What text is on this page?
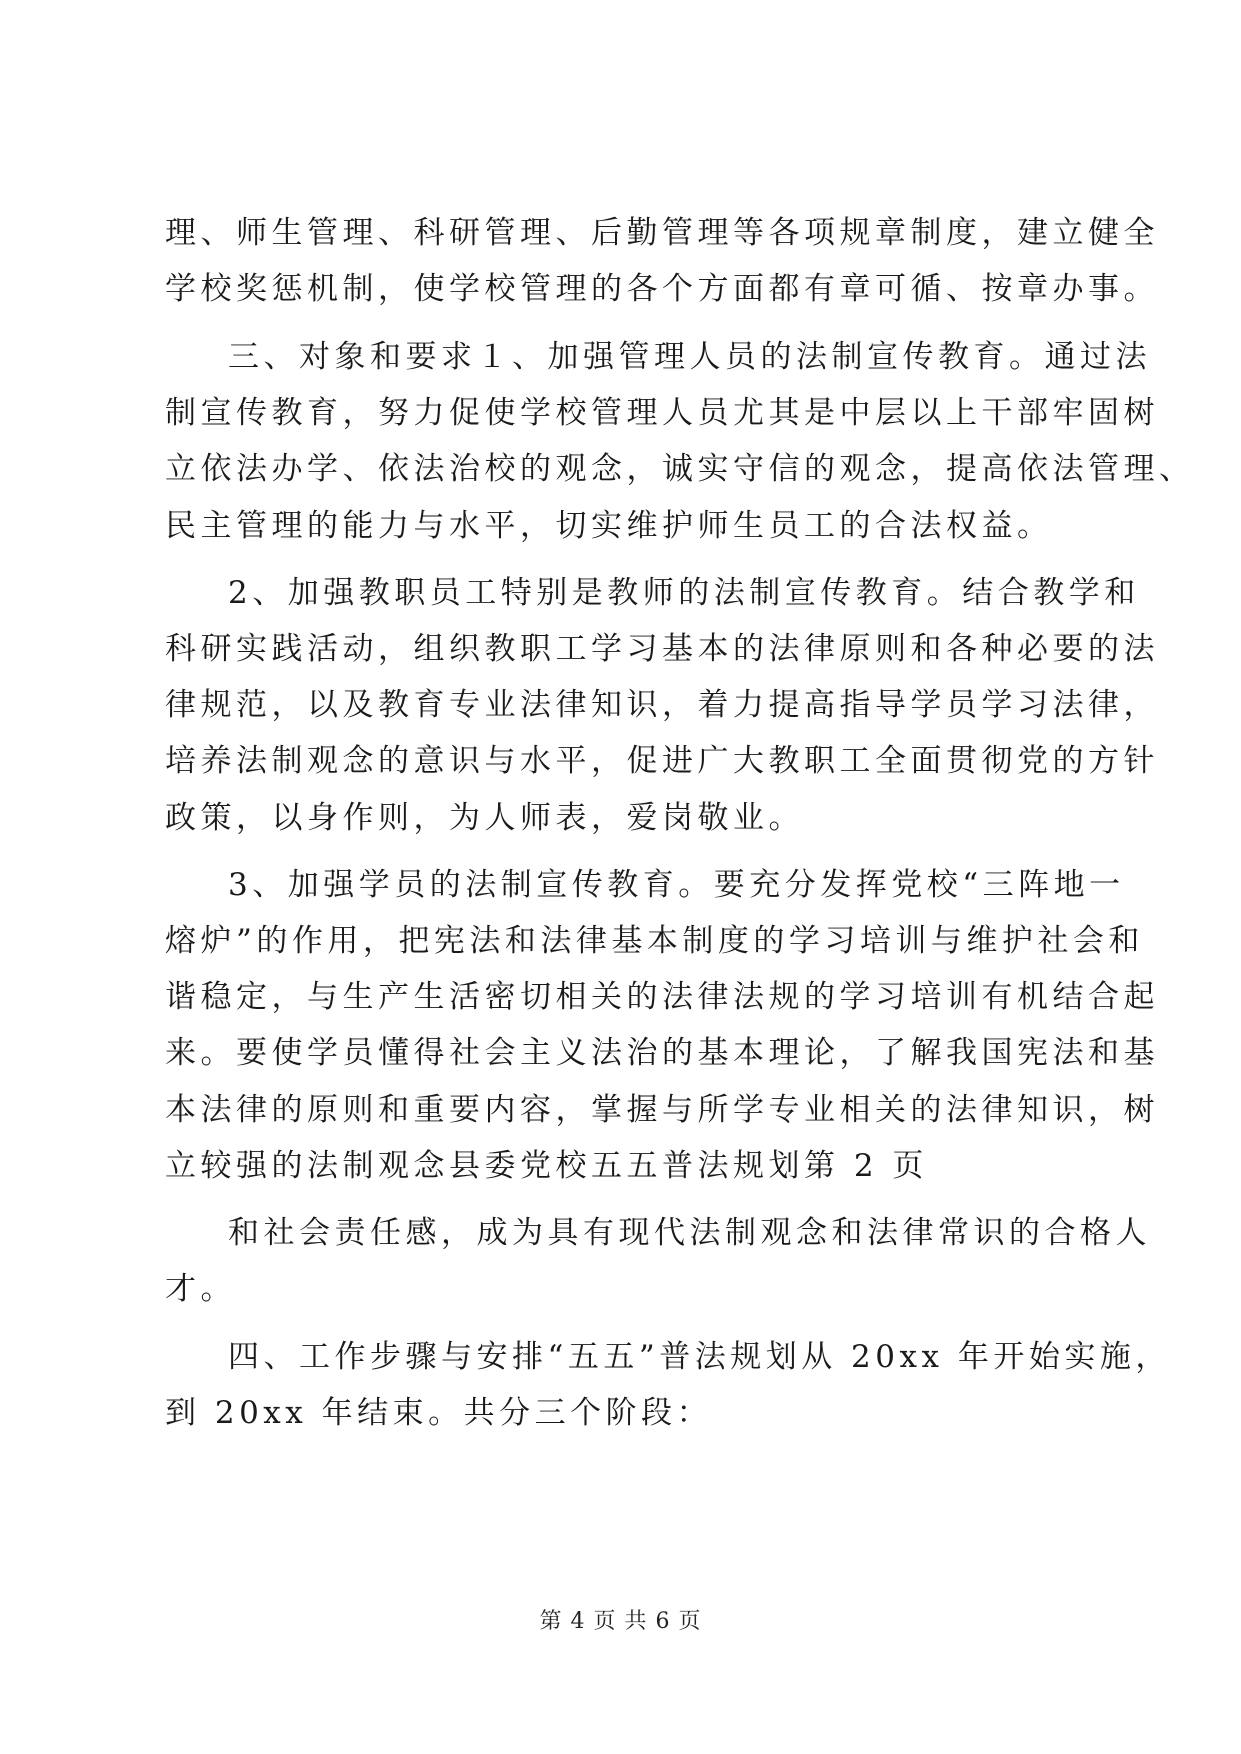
理、师生管理、科研管理、后勤管理等各项规章制度，建立健全
学校奖惩机制，使学校管理的各个方面都有章可循、按章办事。
三、对象和要求１、加强管理人员的法制宣传教育。通过法
制宣传教育，努力促使学校管理人员尤其是中层以上干部牢固树
立依法办学、依法治校的观念，诚实守信的观念，提高依法管理、
民主管理的能力与水平，切实维护师生员工的合法权益。
2、加强教职员工特别是教师的法制宣传教育。结合教学和
科研实践活动，组织教职工学习基本的法律原则和各种必要的法
律规范，以及教育专业法律知识，着力提高指导学员学习法律，
培养法制观念的意识与水平，促进广大教职工全面贯彻党的方针
政策，以身作则，为人师表，爱岗敬业。
3、加强学员的法制宣传教育。要充分发挥党校“三阵地一
熔炉”的作用，把宪法和法律基本制度的学习培训与维护社会和
谐稳定，与生产生活密切相关的法律法规的学习培训有机结合起
来。要使学员懂得社会主义法治的基本理论，了解我国宪法和基
本法律的原则和重要内容，掌握与所学专业相关的法律知识，树
立较强的法制观念县委党校五五普法规划第 2 页
和社会责任感，成为具有现代法制观念和法律常识的合格人
才。
四、工作步骤与安排“五五”普法规划从 20xx 年开始实施，
到 20xx 年结束。共分三个阶段：
第 4 页 共 6 页
